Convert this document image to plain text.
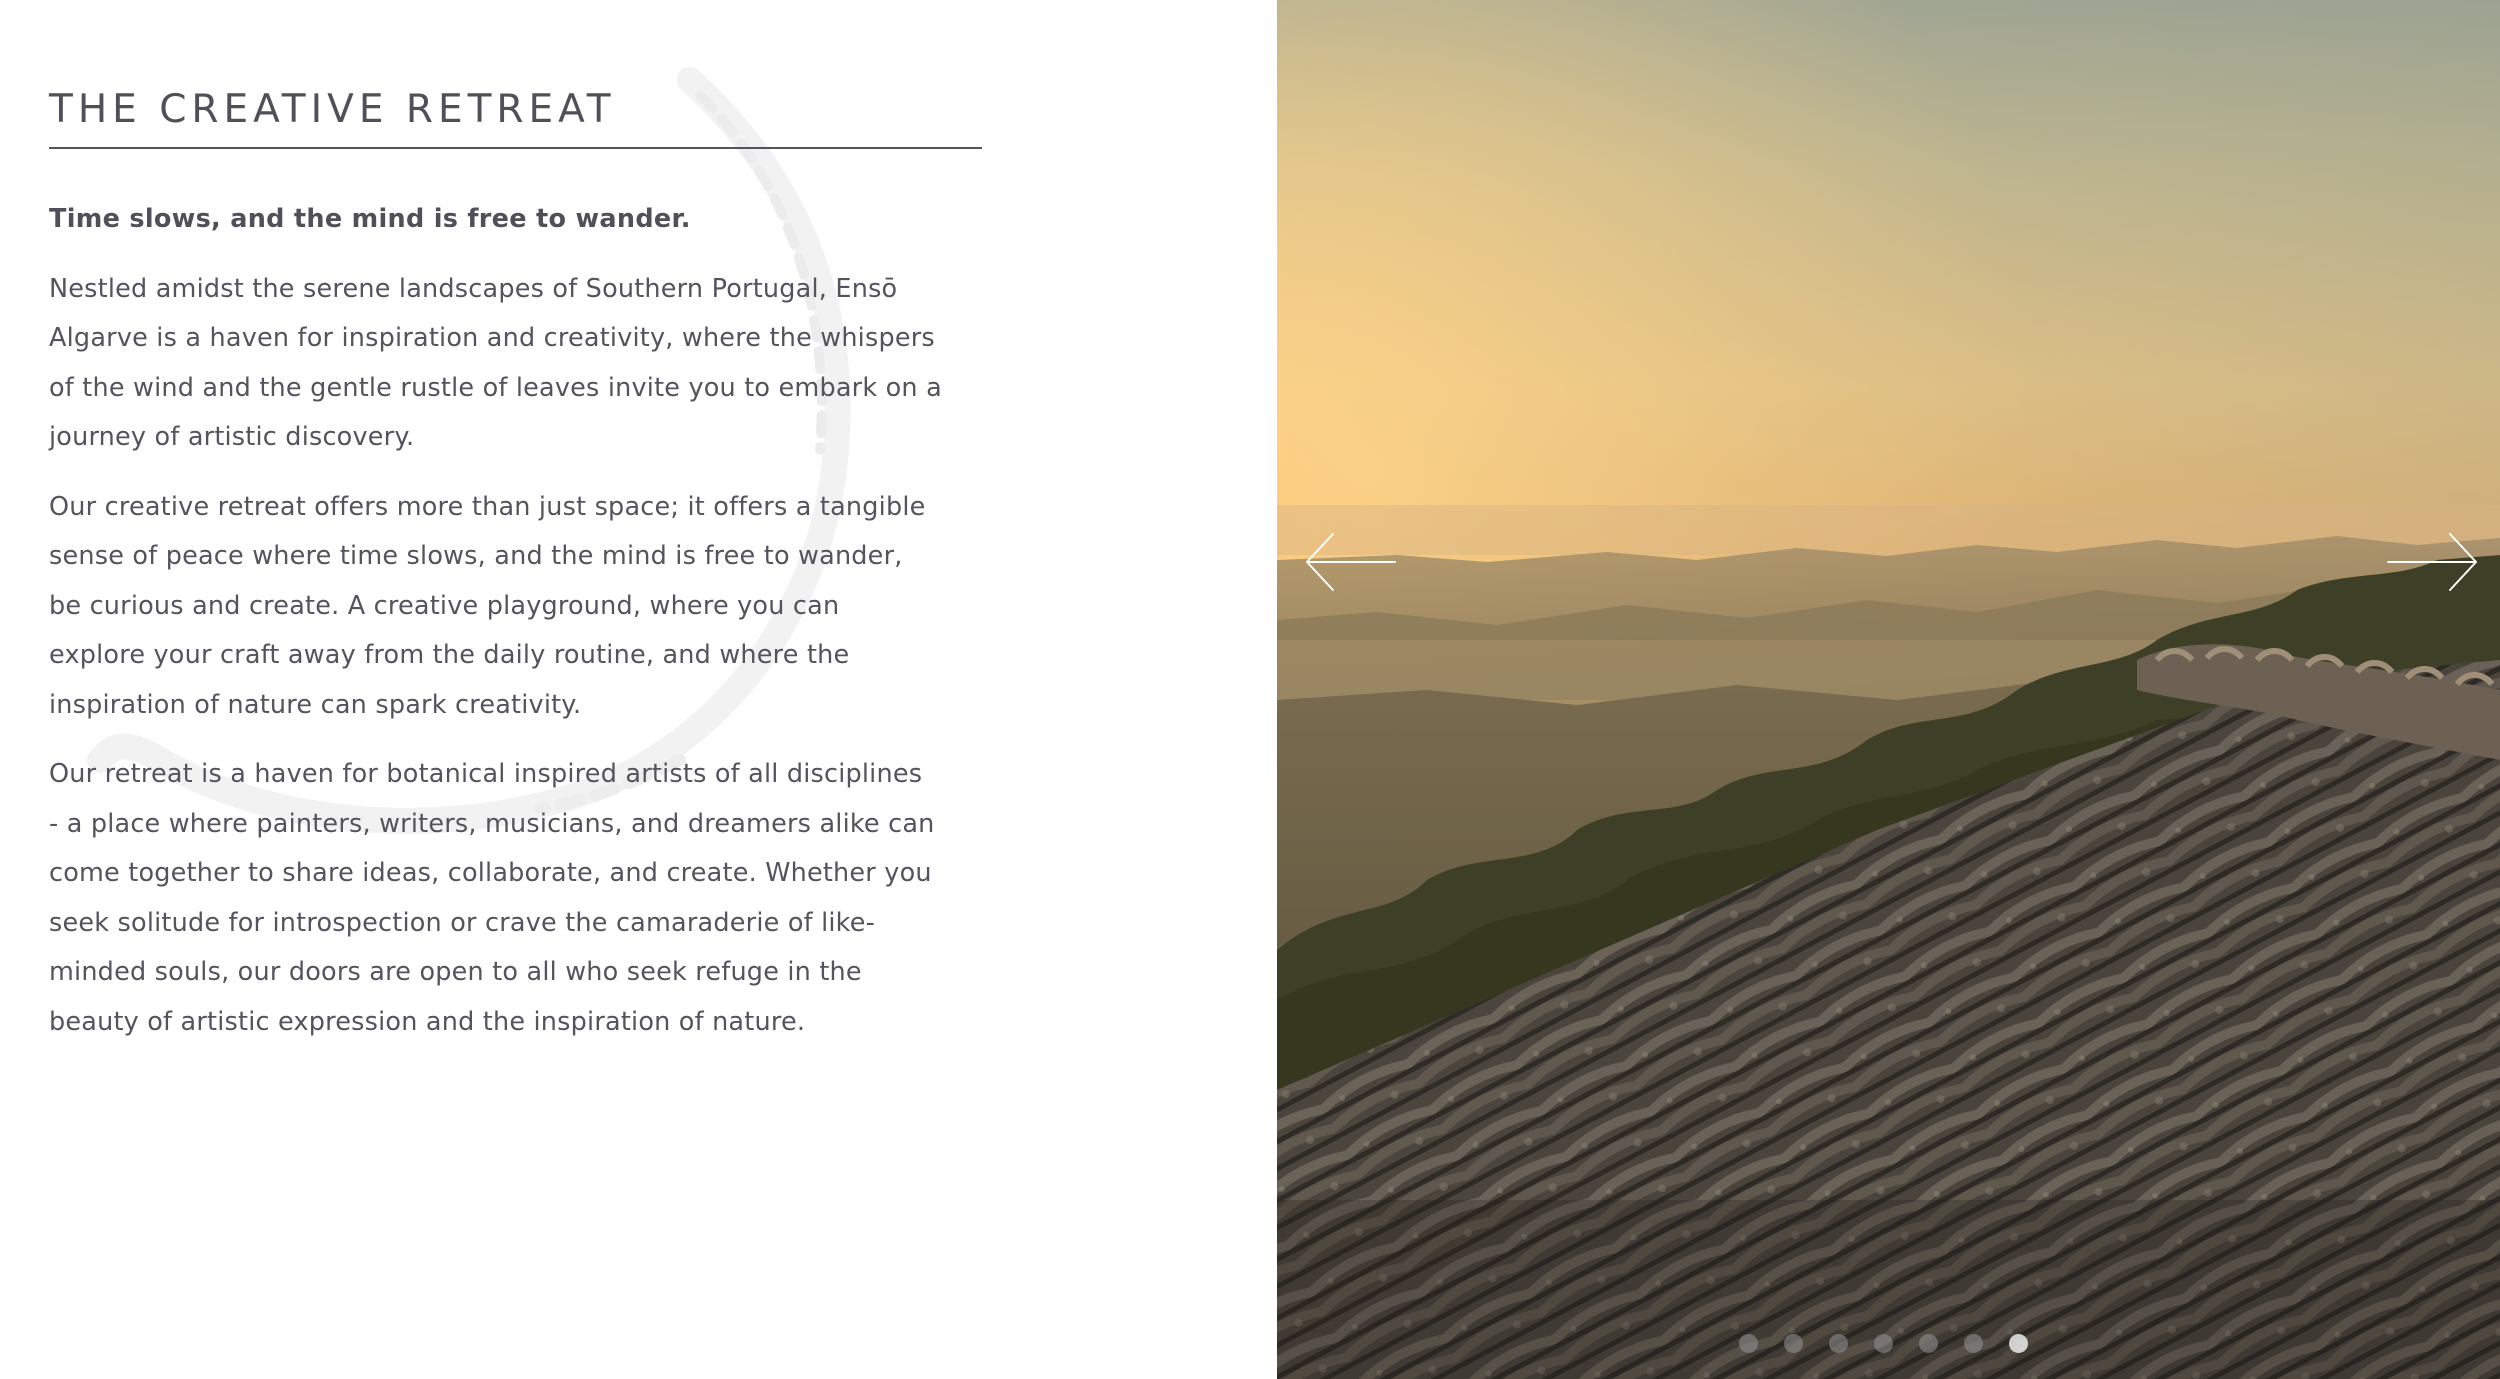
THE CREATIVE RETREAT

Time slows, and the mind is free to wander.

Nestled amidst the serene landscapes of Southern Portugal, Ensō
Algarve is a haven for inspiration and creativity, where the whispers
of the wind and the gentle rustle of leaves invite you to embark on a
journey of artistic discovery.

Our creative retreat offers more than just space; it offers a tangible
sense of peace where time slows, and the mind is free to wander,
be curious and create. A creative playground, where you can
explore your craft away from the daily routine, and where the
inspiration of nature can spark creativity.

Our retreat is a haven for botanical inspired artists of all disciplines
- a place where painters, writers, musicians, and dreamers alike can
come together to share ideas, collaborate, and create. Whether you
seek solitude for introspection or crave the camaraderie of like-
minded souls, our doors are open to all who seek refuge in the
beauty of artistic expression and the inspiration of nature.
